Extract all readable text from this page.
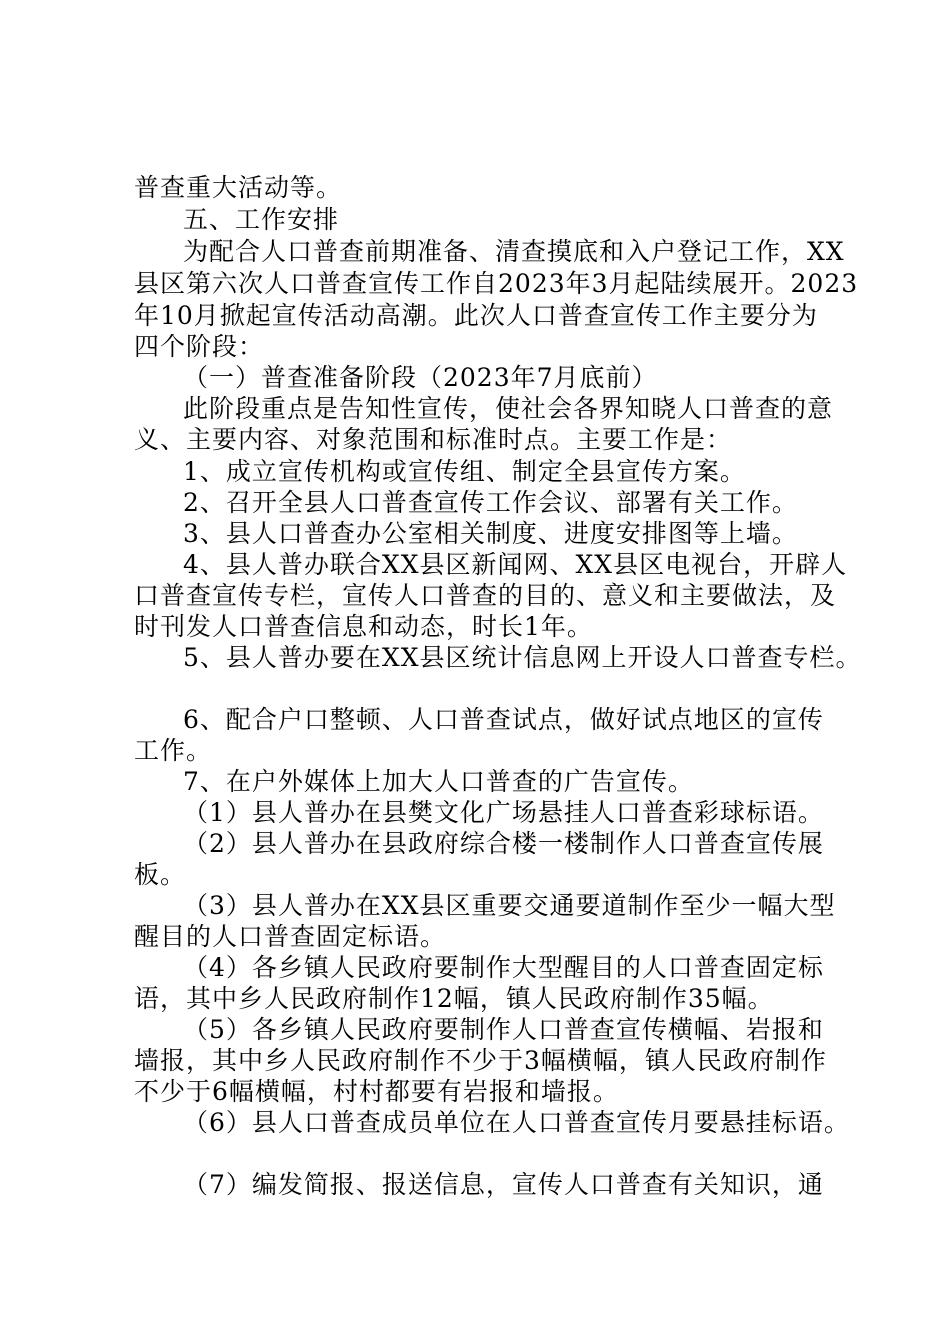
普查重大活动等。
五、工作安排
为配合人口普查前期准备、清查摸底和入户登记工作，XX
县区第六次人口普查宣传工作自2023年3月起陆续展开。2023
年10月掀起宣传活动高潮。此次人口普查宣传工作主要分为
四个阶段：
（一）普查准备阶段（2023年7月底前）
此阶段重点是告知性宣传，使社会各界知晓人口普查的意
义、主要内容、对象范围和标准时点。主要工作是：
1、成立宣传机构或宣传组、制定全县宣传方案。
2、召开全县人口普查宣传工作会议、部署有关工作。
3、县人口普查办公室相关制度、进度安排图等上墙。
4、县人普办联合XX县区新闻网、XX县区电视台，开辟人
口普查宣传专栏，宣传人口普查的目的、意义和主要做法，及
时刊发人口普查信息和动态，时长1年。
5、县人普办要在XX县区统计信息网上开设人口普查专栏。
6、配合户口整顿、人口普查试点，做好试点地区的宣传
工作。
7、在户外媒体上加大人口普查的广告宣传。
（1）县人普办在县樊文化广场悬挂人口普查彩球标语。
（2）县人普办在县政府综合楼一楼制作人口普查宣传展
板。
（3）县人普办在XX县区重要交通要道制作至少一幅大型
醒目的人口普查固定标语。
（4）各乡镇人民政府要制作大型醒目的人口普查固定标
语，其中乡人民政府制作12幅，镇人民政府制作35幅。
（5）各乡镇人民政府要制作人口普查宣传横幅、岩报和
墙报，其中乡人民政府制作不少于3幅横幅，镇人民政府制作
不少于6幅横幅，村村都要有岩报和墙报。
（6）县人口普查成员单位在人口普查宣传月要悬挂标语。
（7）编发简报、报送信息，宣传人口普查有关知识，通
